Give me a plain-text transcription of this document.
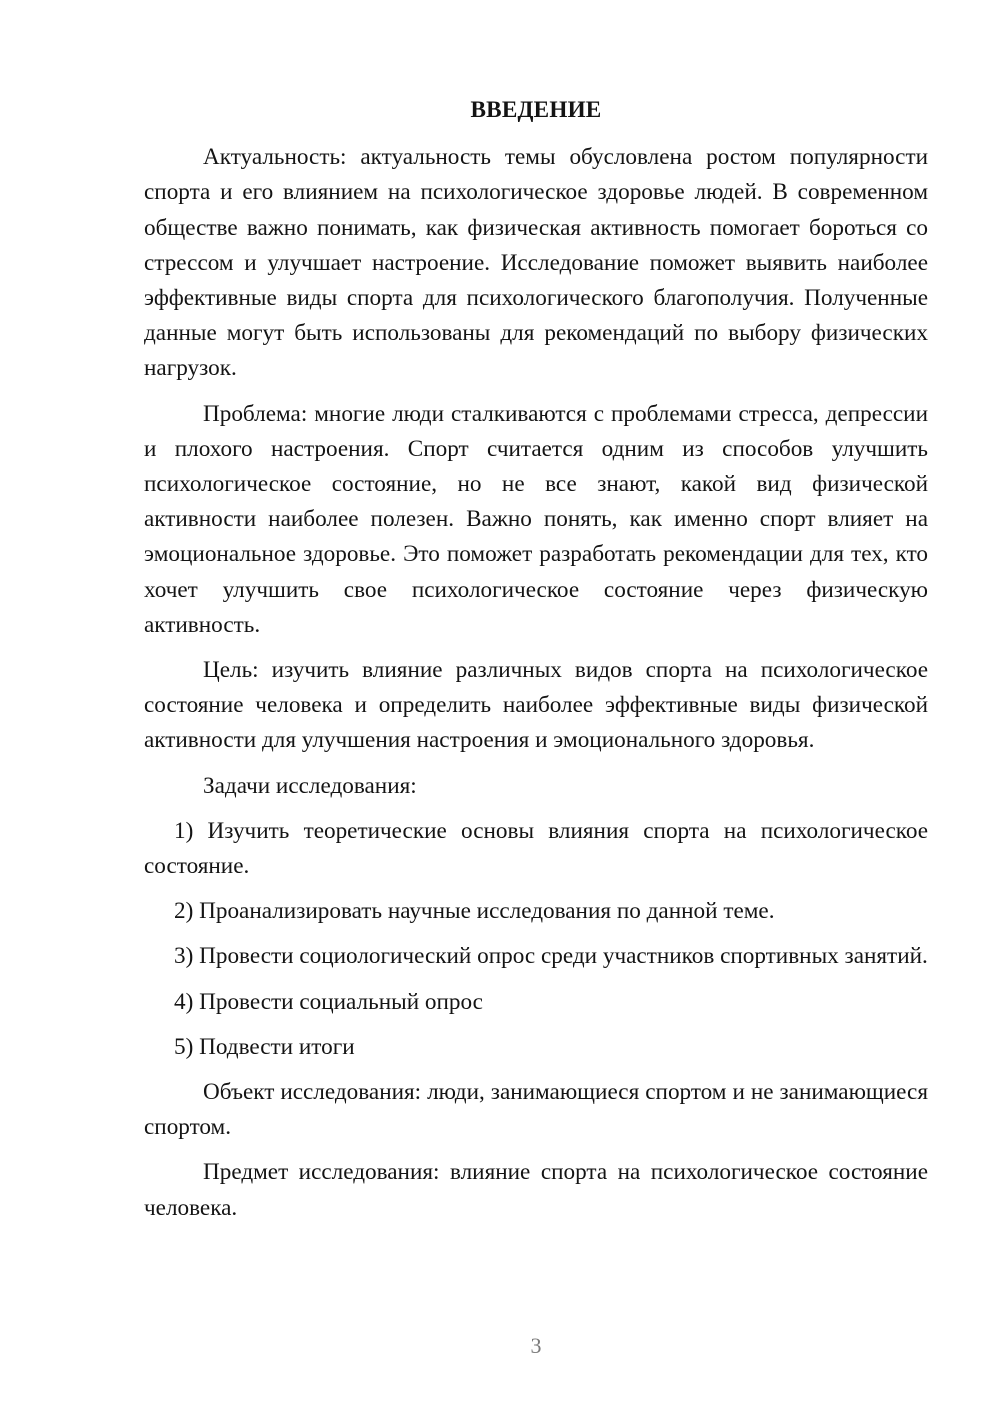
ВВЕДЕНИЕ

Актуальность: актуальность темы обусловлена ростом популярности спорта и его влиянием на психологическое здоровье людей. В современном обществе важно понимать, как физическая активность помогает бороться со стрессом и улучшает настроение. Исследование поможет выявить наиболее эффективные виды спорта для психологического благополучия. Полученные данные могут быть использованы для рекомендаций по выбору физических нагрузок.

Проблема: многие люди сталкиваются с проблемами стресса, депрессии и плохого настроения. Спорт считается одним из способов улучшить психологическое состояние, но не все знают, какой вид физической активности наиболее полезен. Важно понять, как именно спорт влияет на эмоциональное здоровье. Это поможет разработать рекомендации для тех, кто хочет улучшить свое психологическое состояние через физическую активность.

Цель: изучить влияние различных видов спорта на психологическое состояние человека и определить наиболее эффективные виды физической активности для улучшения настроения и эмоционального здоровья.

Задачи исследования:

1) Изучить теоретические основы влияния спорта на психологическое состояние.

2) Проанализировать научные исследования по данной теме.

3) Провести социологический опрос среди участников спортивных занятий.

4) Провести социальный опрос

5) Подвести итоги

Объект исследования: люди, занимающиеся спортом и не занимающиеся спортом.

Предмет исследования: влияние спорта на психологическое состояние человека.

3
